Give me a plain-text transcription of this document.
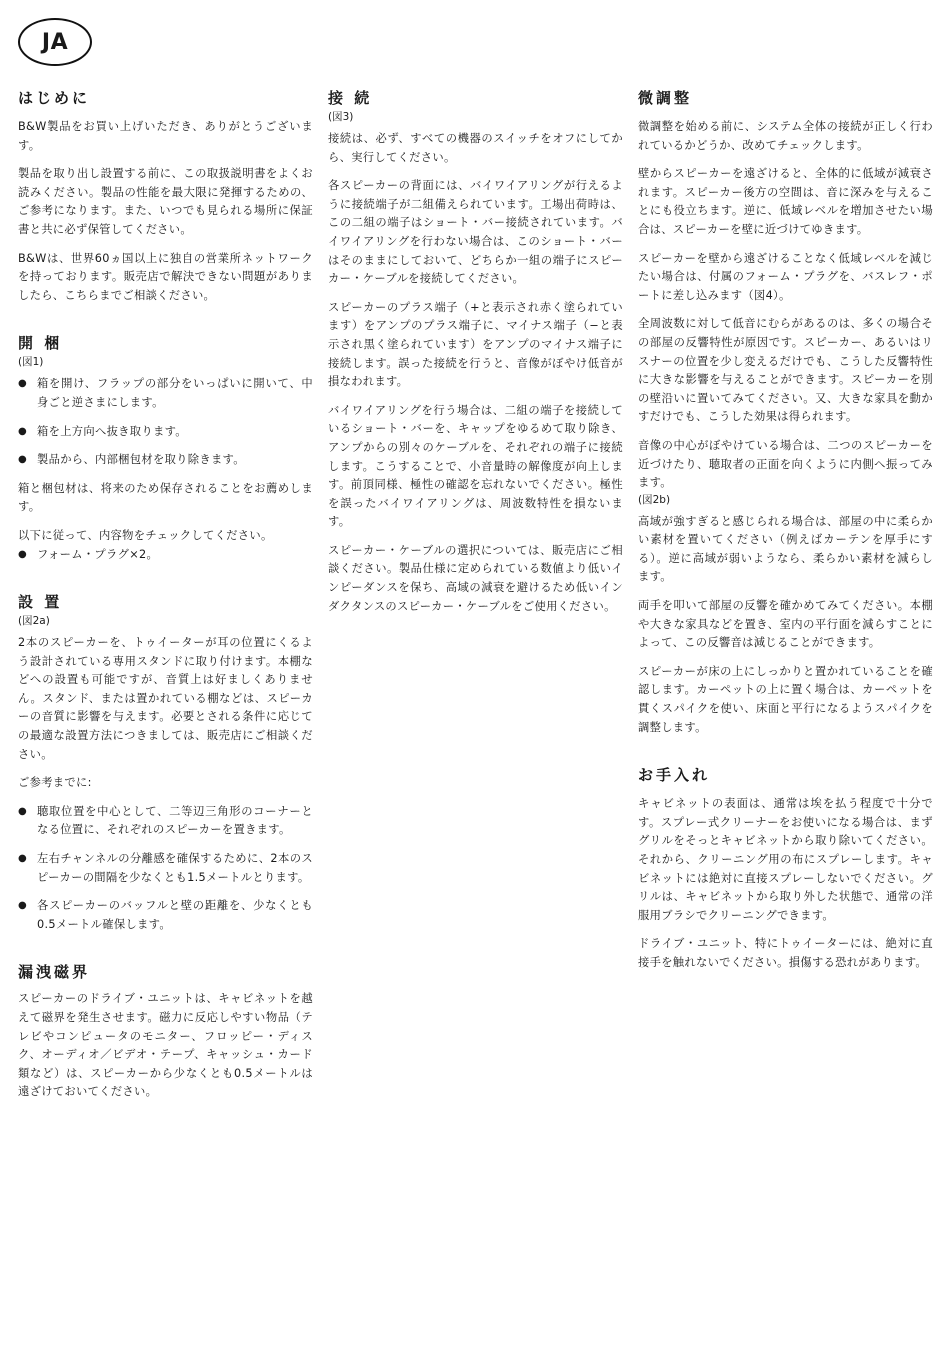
JA
はじめに

B&W製品をお買い上げいただき、ありがとうございます。

製品を取り出し設置する前に、この取扱説明書をよくお読みください。製品の性能を最大限に発揮するための、ご参考になります。また、いつでも見られる場所に保証書と共に必ず保管してください。

B&Wは、世界60ヵ国以上に独自の営業所ネットワークを持っております。販売店で解決できない問題がありましたら、こちらまでご相談ください。

開 梱
(図1)
● 箱を開け、フラップの部分をいっぱいに開いて、中身ごと逆さまにします。
● 箱を上方向へ抜き取ります。
● 製品から、内部梱包材を取り除きます。

箱と梱包材は、将来のため保存されることをお薦めします。

以下に従って、内容物をチェックしてください。

● フォーム・プラグ×2。
設 置
(図2a)

2本のスピーカーを、トゥイーターが耳の位置にくるよう設計されている専用スタンドに取り付けます。本棚などへの設置も可能ですが、音質上は好ましくありません。スタンド、または置かれている棚などは、スピーカーの音質に影響を与えます。必要とされる条件に応じての最適な設置方法につきましては、販売店にご相談ください。

ご参考までに:

● 聴取位置を中心として、二等辺三角形のコーナーとなる位置に、それぞれのスピーカーを置きます。
● 左右チャンネルの分離感を確保するために、2本のスピーカーの間隔を少なくとも1.5メートルとります。
● 各スピーカーのバッフルと壁の距離を、少なくとも0.5メートル確保します。
漏洩磁界

スピーカーのドライブ・ユニットは、キャビネットを越えて磁界を発生させます。磁力に反応しやすい物品（テレビやコンピュータのモニター、フロッピー・ディスク、オーディオ／ビデオ・テープ、キャッシュ・カード類など）は、スピーカーから少なくとも0.5メートルは遠ざけておいてください。

接 続
(図3)

接続は、必ず、すべての機器のスイッチをオフにしてから、実行してください。

各スピーカーの背面には、バイワイアリングが行えるように接続端子が二組備えられています。工場出荷時は、この二組の端子はショート・バー接続されています。バイワイアリングを行わない場合は、このショート・バーはそのままにしておいて、どちらか一組の端子にスピーカー・ケーブルを接続してください。

スピーカーのプラス端子（+と表示され赤く塗られています）をアンプのプラス端子に、マイナス端子（−と表示され黒く塗られています）をアンプのマイナス端子に接続します。誤った接続を行うと、音像がぼやけ低音が損なわれます。

バイワイアリングを行う場合は、二組の端子を接続しているショート・バーを、キャップをゆるめて取り除き、アンプからの別々のケーブルを、それぞれの端子に接続します。こうすることで、小音量時の解像度が向上します。前頂同様、極性の確認を忘れないでください。極性を誤ったバイワイアリングは、周波数特性を損ないます。

スピーカー・ケーブルの選択については、販売店にご相談ください。製品仕様に定められている数値より低いインピーダンスを保ち、高域の減衰を避けるため低いインダクタンスのスピーカー・ケーブルをご使用ください。

微調整

微調整を始める前に、システム全体の接続が正しく行われているかどうか、改めてチェックします。

壁からスピーカーを遠ざけると、全体的に低域が減衰されます。スピーカー後方の空間は、音に深みを与えることにも役立ちます。逆に、低域レベルを増加させたい場合は、スピーカーを壁に近づけてゆきます。

スピーカーを壁から遠ざけることなく低域レベルを減じたい場合は、付属のフォーム・プラグを、バスレフ・ポートに差し込みます（図4）。

全周波数に対して低音にむらがあるのは、多くの場合その部屋の反響特性が原因です。スピーカー、あるいはリスナーの位置を少し変えるだけでも、こうした反響特性に大きな影響を与えることができます。スピーカーを別の壁沿いに置いてみてください。又、大きな家具を動かすだけでも、こうした効果は得られます。

音像の中心がぼやけている場合は、二つのスピーカーを近づけたり、聴取者の正面を向くように内側へ振ってみます。

(図2b)

高域が強すぎると感じられる場合は、部屋の中に柔らかい素材を置いてください（例えばカーテンを厚手にする）。逆に高域が弱いようなら、柔らかい素材を減らします。

両手を叩いて部屋の反響を確かめてみてください。本棚や大きな家具などを置き、室内の平行面を減らすことによって、この反響音は減じることができます。

スピーカーが床の上にしっかりと置かれていることを確認します。カーペットの上に置く場合は、カーペットを貫くスパイクを使い、床面と平行になるようスパイクを調整します。

お手入れ

キャビネットの表面は、通常は埃を払う程度で十分です。スプレー式クリーナーをお使いになる場合は、まずグリルをそっとキャビネットから取り除いてください。それから、クリーニング用の布にスプレーします。キャビネットには絶対に直接スプレーしないでください。グリルは、キャビネットから取り外した状態で、通常の洋服用ブラシでクリーニングできます。

ドライブ・ユニット、特にトゥイーターには、絶対に直接手を触れないでください。損傷する恐れがあります。
